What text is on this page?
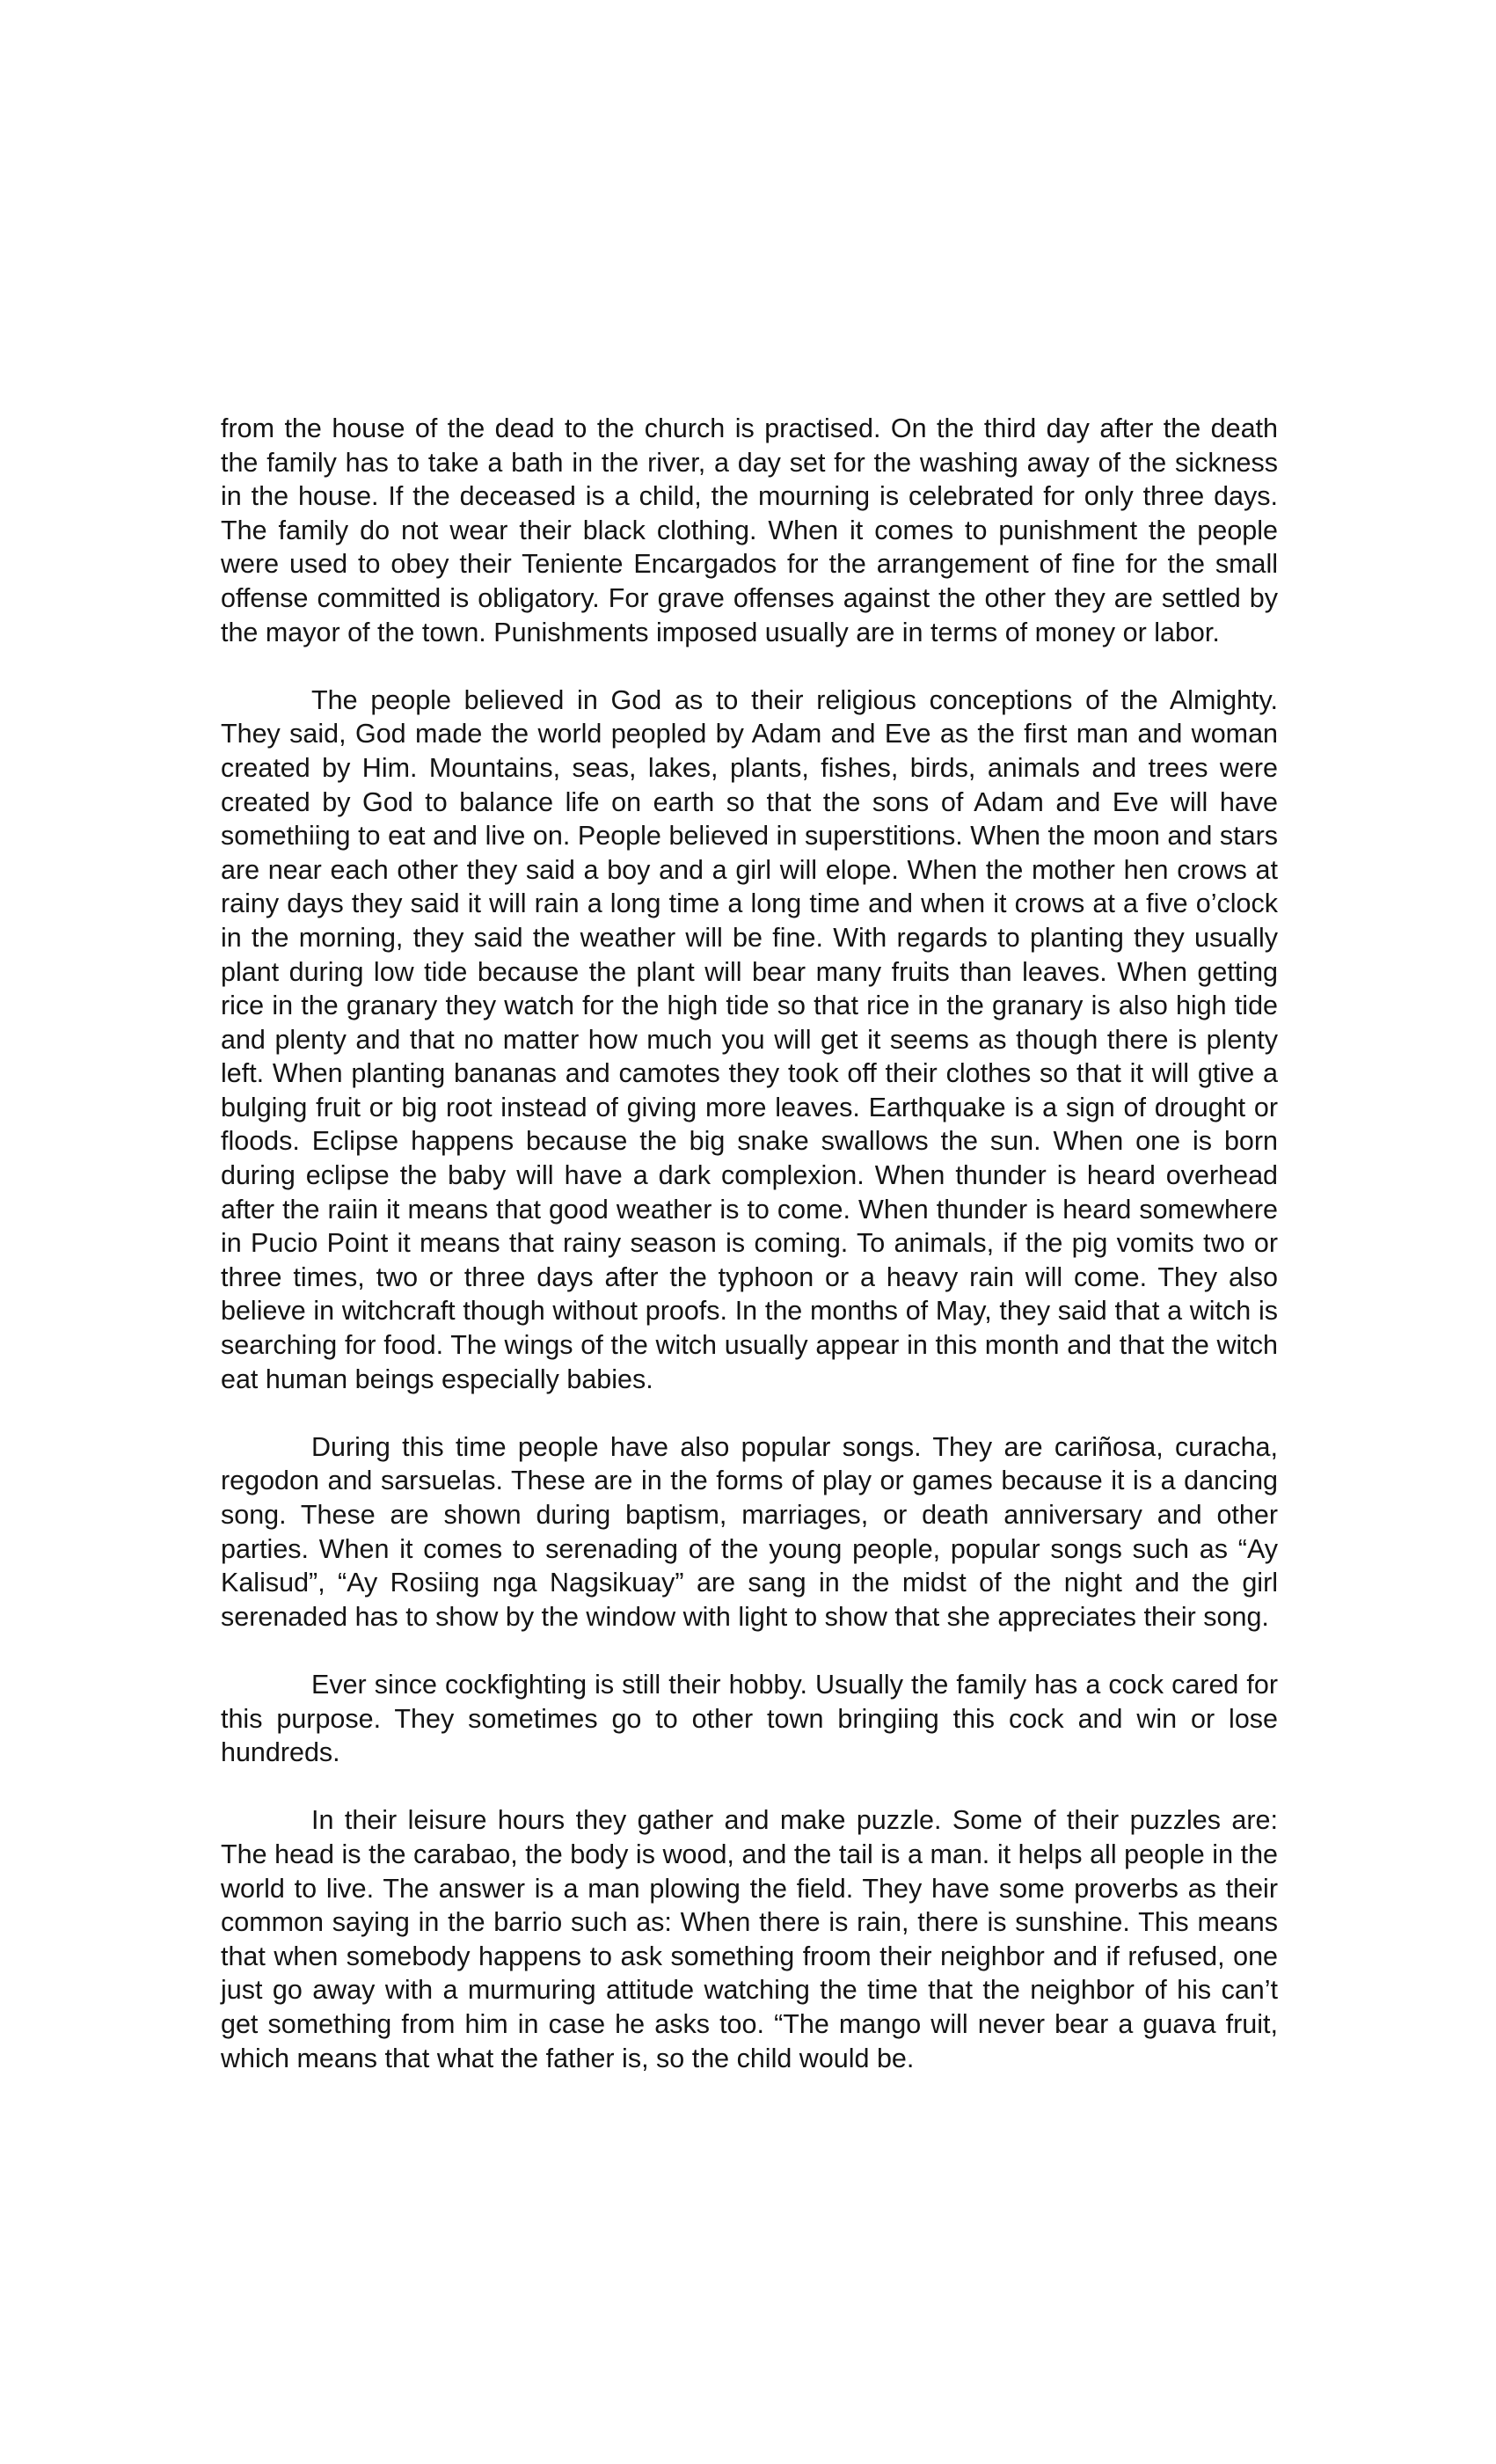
from the house of the dead to the church is practised. On the third day after the death the family has to take a bath in the river, a day set for the washing away of the sickness in the house. If the deceased is a child, the mourning is celebrated for only three days. The family do not wear their black clothing. When it comes to punishment the people were used to obey their Teniente Encargados for the arrangement of fine for the small offense committed is obligatory. For grave offenses against the other they are settled by the mayor of the town. Punishments imposed usually are in terms of money or labor.

The people believed in God as to their religious conceptions of the Almighty. They said, God made the world peopled by Adam and Eve as the first man and woman created by Him. Mountains, seas, lakes, plants, fishes, birds, animals and trees were created by God to balance life on earth so that the sons of Adam and Eve will have somethiing to eat and live on. People believed in superstitions. When the moon and stars are near each other they said a boy and a girl will elope. When the mother hen crows at rainy days they said it will rain a long time a long time and when it crows at a five o’clock in the morning, they said the weather will be fine. With regards to planting they usually plant during low tide because the plant will bear many fruits than leaves. When getting rice in the granary they watch for the high tide so that rice in the granary is also high tide and plenty and that no matter how much you will get it seems as though there is plenty left. When planting bananas and camotes they took off their clothes so that it will gtive a bulging fruit or big root instead of giving more leaves. Earthquake is a sign of drought or floods. Eclipse happens because the big snake swallows the sun. When one is born during eclipse the baby will have a dark complexion. When thunder is heard overhead after the raiin it means that good weather is to come. When thunder is heard somewhere in Pucio Point it means that rainy season is coming. To animals, if the pig vomits two or three times, two or three days after the typhoon or a heavy rain will come. They also believe in witchcraft though without proofs. In the months of May, they said that a witch is searching for food. The wings of the witch usually appear in this month and that the witch eat human beings especially babies.

During this time people have also popular songs. They are cariñosa, curacha, regodon and sarsuelas. These are in the forms of play or games because it is a dancing song. These are shown during baptism, marriages, or death anniversary and other parties. When it comes to serenading of the young people, popular songs such as “Ay Kalisud”, “Ay Rosiing nga Nagsikuay” are sang in the midst of the night and the girl serenaded has to show by the window with light to show that she appreciates their song.

Ever since cockfighting is still their hobby. Usually the family has a cock cared for this purpose. They sometimes go to other town bringiing this cock and win or lose hundreds.

In their leisure hours they gather and make puzzle. Some of their puzzles are: The head is the carabao, the body is wood, and the tail is a man. it helps all people in the world to live. The answer is a man plowing the field. They have some proverbs as their common saying in the barrio such as: When there is rain, there is sunshine. This means that when somebody happens to ask something froom their neighbor and if refused, one just go away with a murmuring attitude watching the time that the neighbor of his can’t get something from him in case he asks too. “The mango will never bear a guava fruit, which means that what the father is, so the child would be.
